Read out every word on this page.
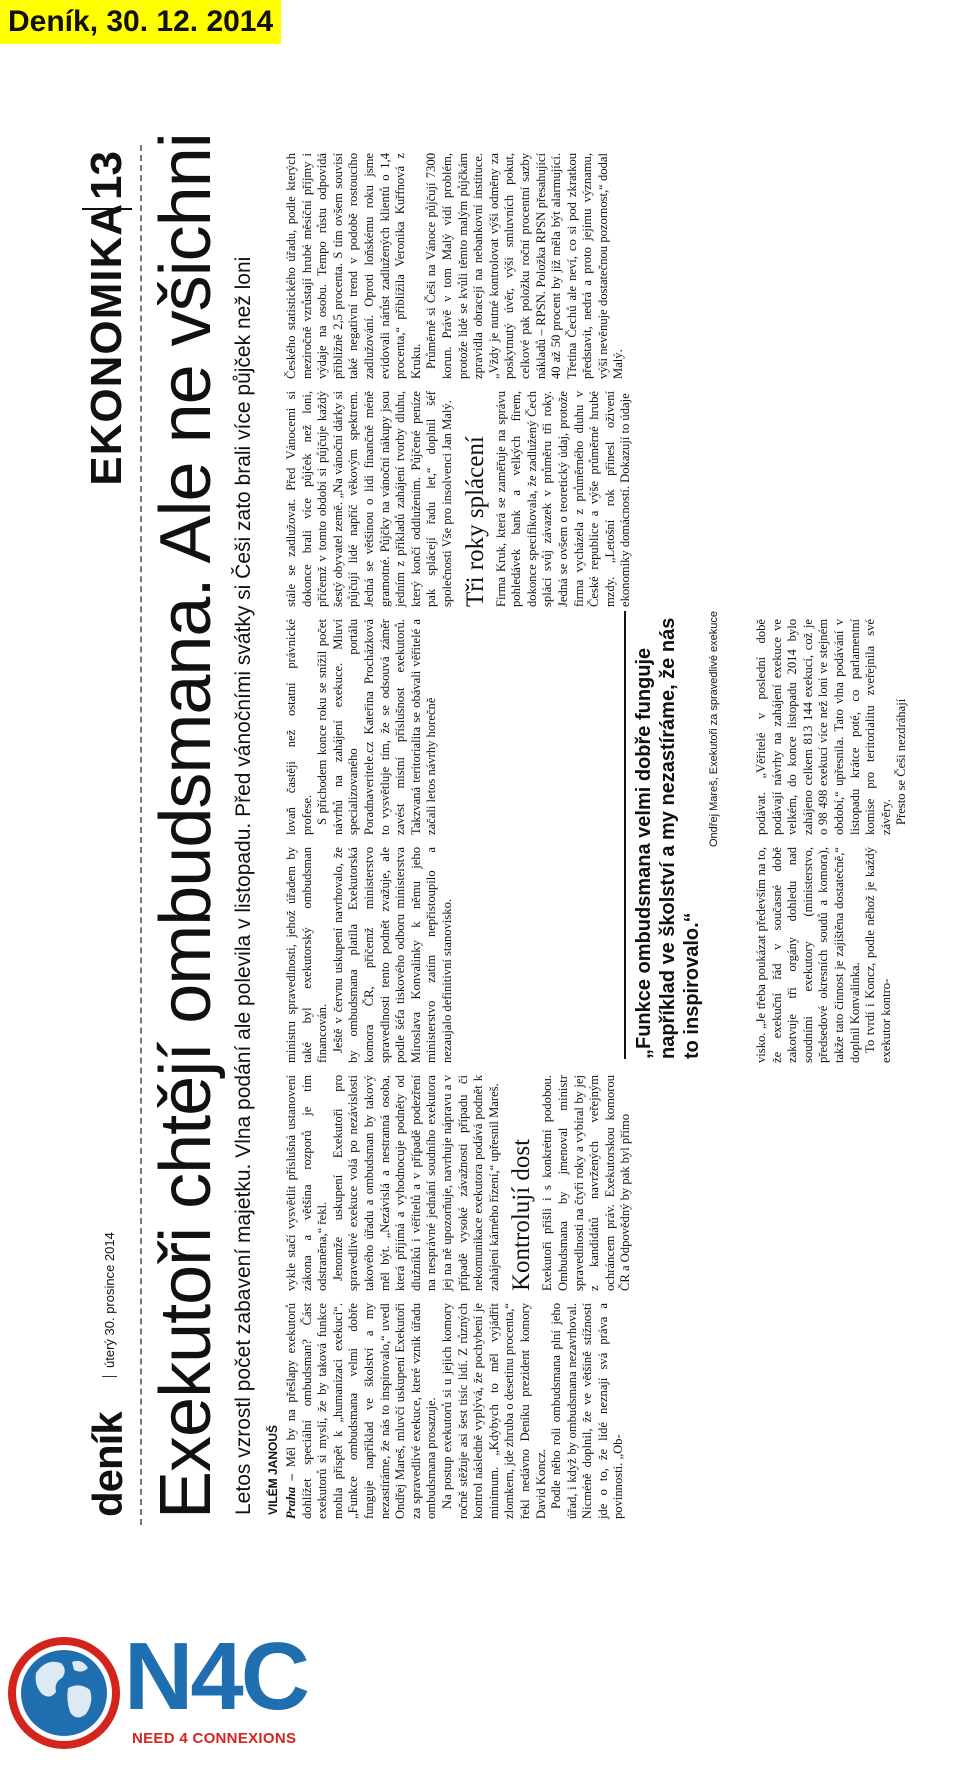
Deník, 30. 12. 2014
deník
úterý 30. prosince 2014
EKONOMIKA
13 Exekutoři chtějí ombudsmana. Ale ne všichni Letos vzrostl počet zabavení majetku. Vlna podání ale polevila v listopadu. Před vánočními svátky si Češi zato brali více půjček než loni VILÉM JANOUŠ Praha – Měl by na přešlapy exekutorů dohlížet speciální ombudsman? Část exekutorů si myslí, že by taková funkce mohla přispět k „humanizaci exekucí“. „Funkce ombudsmana velmi dobře funguje například ve školství a my nezastíráme, že nás to inspirovalo,“ uvedl Ondřej Mareš, mluvčí uskupení Exekutoři za spravedlivé exekuce, které vznik úřadu ombudsmana prosazuje. Na postup exekutorů si u jejich komory ročně stěžuje asi šest tisíc lidí. Z různých kontrol následně vyplývá, že pochybení je minimum. „Kdybych to měl vyjádřit zlomkem, jde zhruba o desetinu procenta,“ řekl nedávno Deníku prezident komory David Koncz. Podle něho roli ombudsmana plní jeho úřad, i když by ombudsmana nezavrhoval. Nicméně doplnil, že ve většině stížností jde o to, že lidé neznají svá práva a povinnosti. „Ob-

vykle stačí vysvětlit příslušná ustanovení zákona a většina rozporů je tím odstraněna,“ řekl. Jenomže uskupení Exekutoři pro spravedlivé exekuce volá po nezávislosti takového úřadu a ombudsman by takový měl být. „Nezávislá a nestranná osoba, která přijímá a vyhodnocuje podněty od dlužníků i věřitelů a v případě podezření na nesprávné jednání soudního exekutora jej na ně upozorňuje, navrhuje nápravu a v případě vysoké závažnosti případu či nekomunikace exekutora podává podnět k zahájení kárného řízení,“ upřesnil Mareš. Kontrolují dost Exekutoři přišli i s konkrétní podobou. Ombudsmana by jmenoval ministr spravedlnosti na čtyři roky a vybíral by jej z kandidátů navržených veřejným ochráncem práv. Exekutorskou komorou ČR a Odpovědný by pak byl přímo

ministru spravedlnosti, jehož úřadem by také byl exekutorský ombudsman financován. Ještě v červnu uskupení navrhovalo, že by ombudsmana platila Exekutorská komora ČR, přičemž ministerstvo spravedlnosti tento podnět zvažuje, ale podle šéfa tiskového odboru ministerstva Miroslava Konvalinky k němu jeho ministerstvo zatím nepřistoupilo a nezaujalo definitivní stanovisko.

lovaň častěji než ostatní právnické profese. S příchodem konce roku se snížil počet návrhů na zahájení exekuce. Mluví specializovaného portálu Poradnaveritele.cz Kateřina Procházková to vysvětluje tím, že se odsouvá záměr zavést mistní příslušnost exekutorů. Takzvaná teritorialita se obávali věřitelé a začali letos návrhy horečně

stále se zadlužovat. Před Vánocemi si dokonce brali více půjček než loni, přičemž v tomto období si půjčuje každý šestý obyvatel země. „Na vánoční dárky si půjčují lidé napříč věkovým spektrem. Jedná se většinou o lidi finančně méně gramotné. Půjčky na vánoční nákupy jsou jedním z příkladů zahájení tvorby dluhu, který končí oddlužením. Půjčené peníze pak splácejí řadu let,“ doplnil šéf společnosti Vše pro insolvenci Jan Malý. Tři roky splácení Firma Kruk, která se zaměřuje na správu pohledávek bank a velkých firem, dokonce specifikovala, že zadlužený Čech splácí svůj závazek v průměru tři roky. Jedná se ovšem o teoretický údaj, protože firma vycházela z průměrného dluhu v České republice a výše průměrné hrubé mzdy. „Letošní rok přinesl oživení ekonomiky domácností. Dokazují to údaje

Českého statistického úřadu, podle kterých meziročně vzrůstají hrubé měsíční příjmy i výdaje na osobu. Tempo růstu odpovídá přibližně 2,5 procenta. S tím ovšem souvisí také negativní trend v podobě rostoucího zadlužování. Oproti loňskému roku jsme evidovali nárůst zadlužených klientů o 1,4 procenta,“ přiblížila Veronika Kuřfnová z Kruku. Průměrně si Češi na Vánoce půjčují 7300 korun. Právě v tom Malý vidí problém, protože lidé se kvůli těmto malým půjčkám zpravidla obracejí na nebankovní instituce. „Vždy je nutné kontrolovat výši odměny za poskytnutý úvěr, výši smluvních pokut, celkové pak položku roční procentní sazby nákladů – RPSN. Položka RPSN přesahující 40 až 50 procent by již měla být alarmující. Třetina Čechů ale neví, co si pod zkratkou představit, nedrá a proto jejímu významu, výši nevěnuje dostatečnou pozornost,“ dodal Malý.

„Funkce ombudsmana velmi dobře funguje například ve školství a my nezastíráme, že nás to inspirovalo.“
Ondřej Mareš, Exekutoři za spravedlivé exekuce

visko. „Je třeba poukázat především na to, že exekuční řád v současné době zakotvuje tři orgány dohledu nad soudními exekutory (ministerstvo, předsedové okresních soudů a komora), takže tato činnost je zajištěna dostatečně,“ doplnil Konvalinka. To tvrdí i Koncz, podle něhož je každý exekutor kontro-

podávat. „Věřitelé v poslední době podávají návrhy na zahájení exekuce ve velkém, do konce listopadu 2014 bylo zahájeno celkem 813 144 exekucí, což je o 98 498 exekucí více než loni ve stejném období,“ upřesnila. Tato vlna podávání v listopadu krátce poté, co parlamentní komise pro teritorialitu zveřejnila své závěry. Přesto se Češi nezdráhají

N4C
NEED 4 CONNEXIONS
